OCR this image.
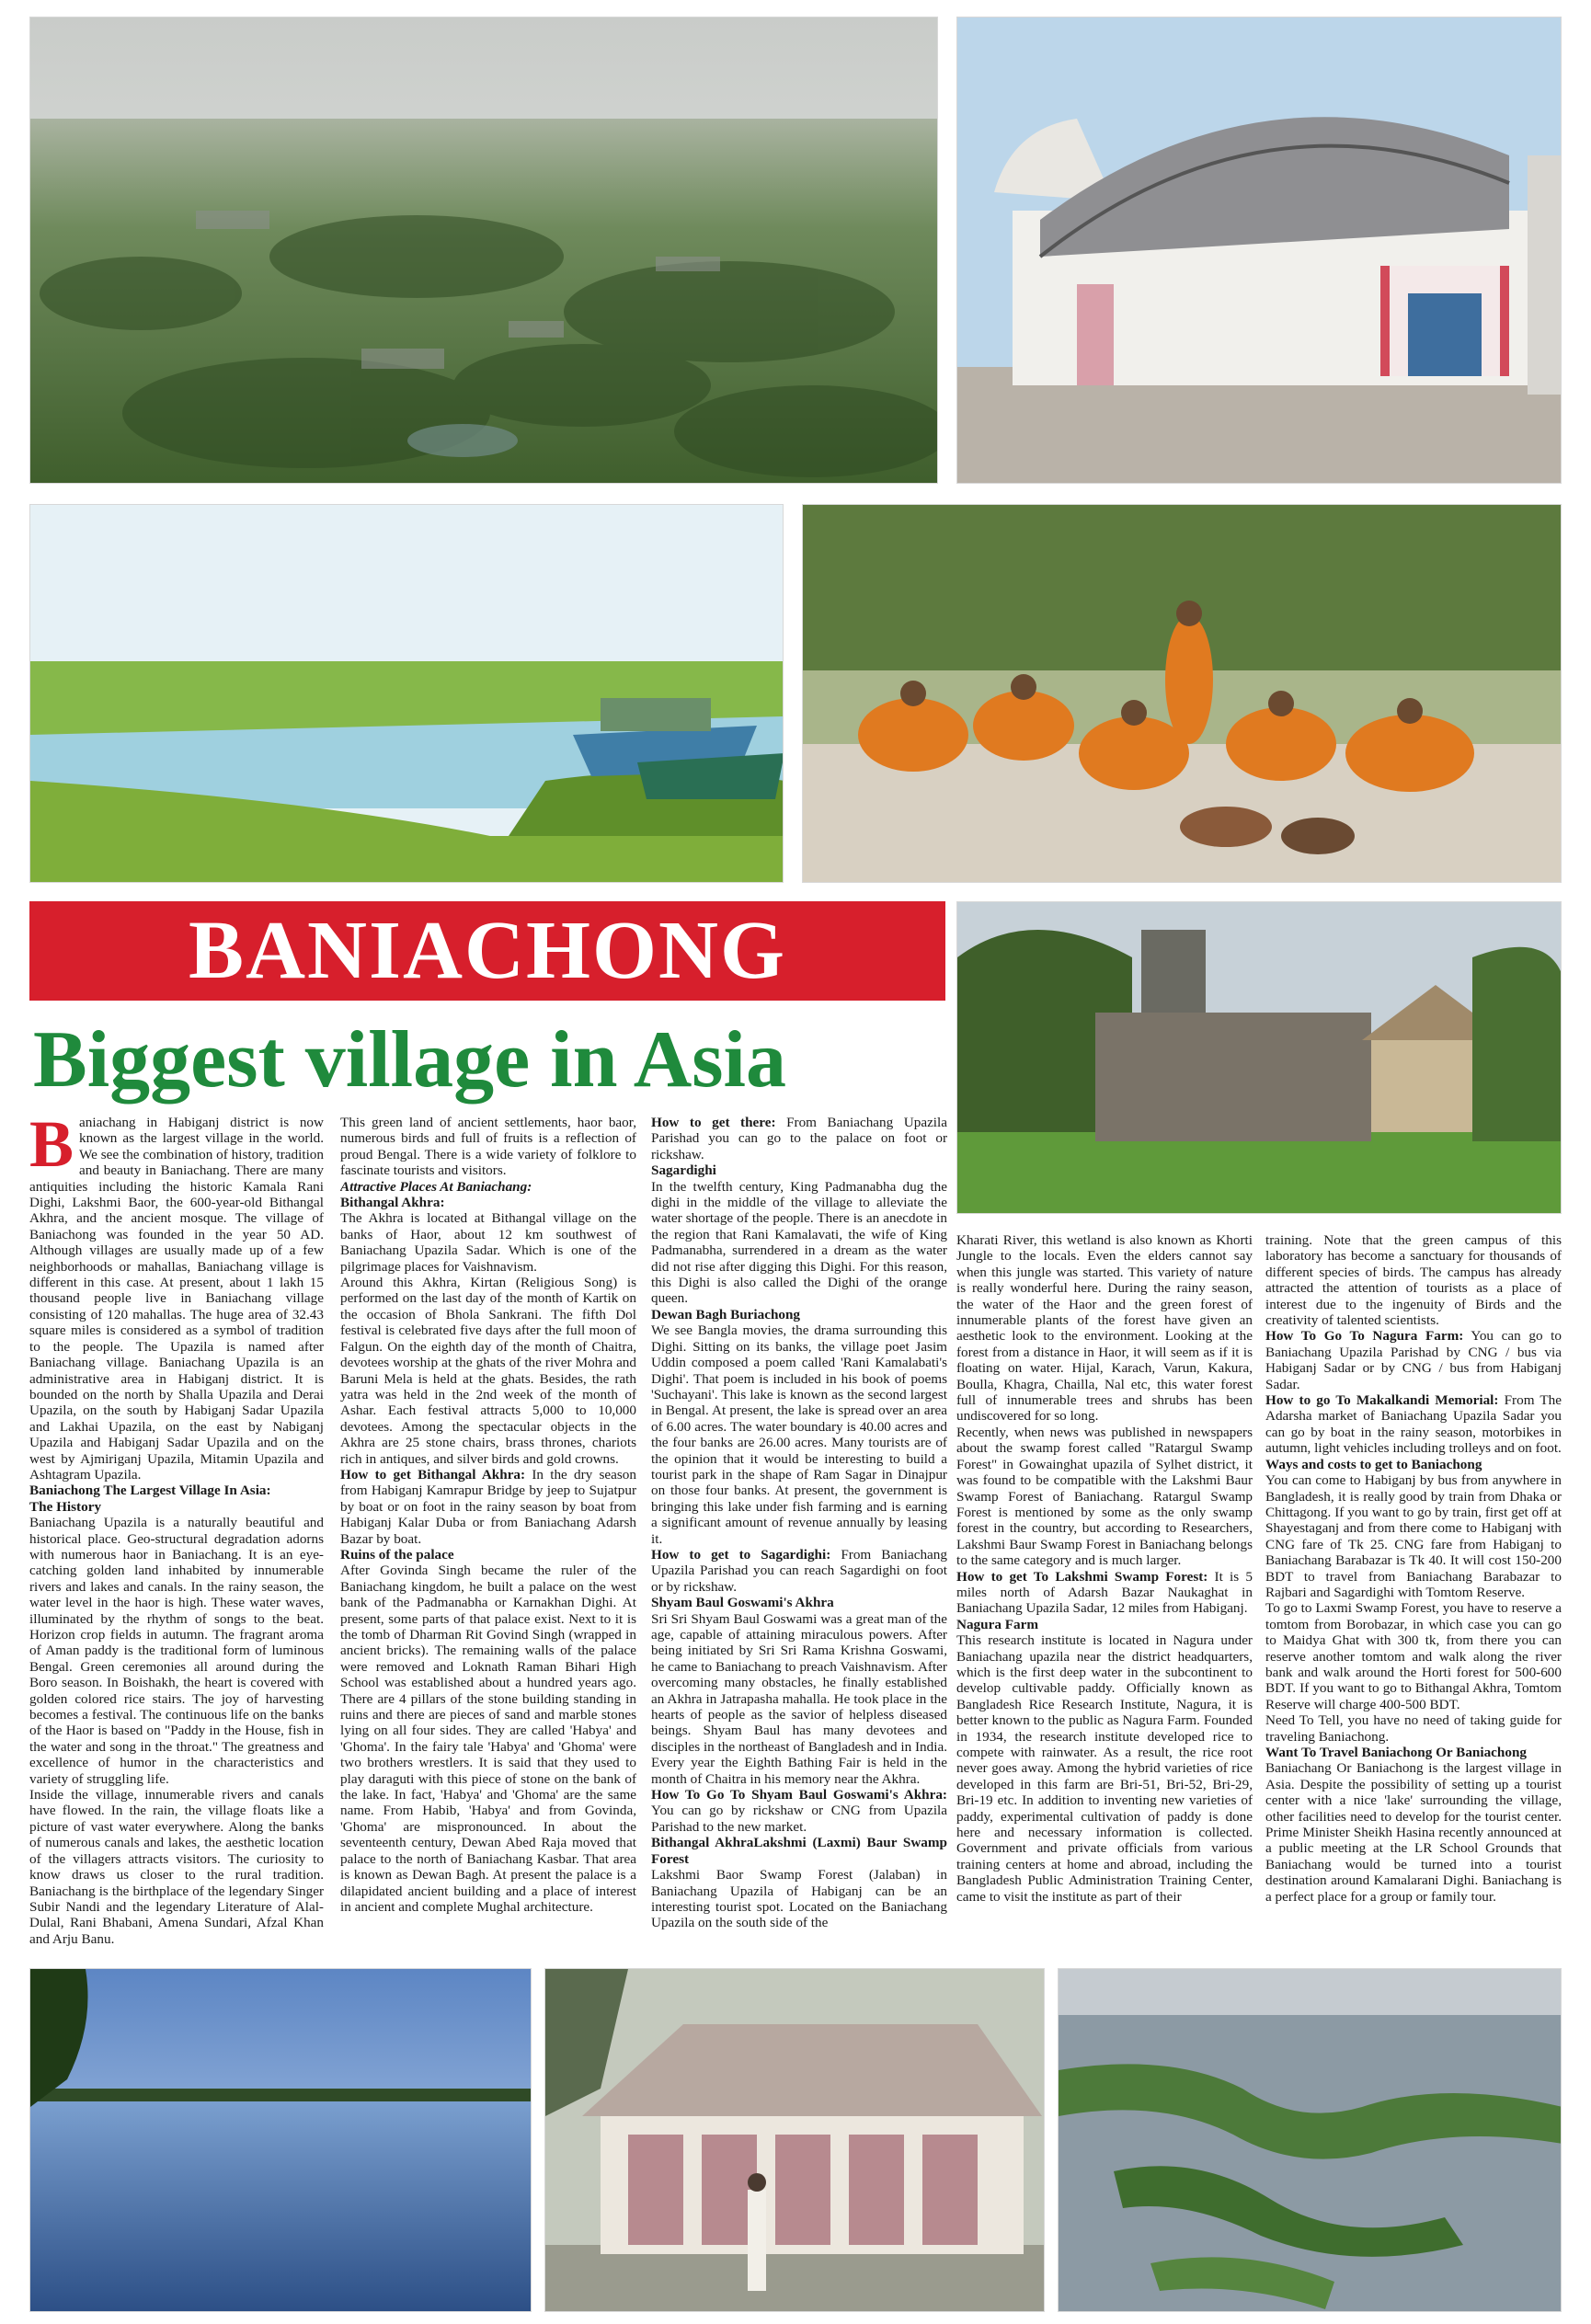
BANIACHONG
Biggest village in Asia

Baniachang in Habiganj district is now known as the largest village in the world. We see the combination of history, tradition and beauty in Baniachang. There are many antiquities including the historic Kamala Rani Dighi, Lakshmi Baor, the 600-year-old Bithangal Akhra, and the ancient mosque. The village of Baniachong was founded in the year 50 AD. Although villages are usually made up of a few neighborhoods or mahallas, Baniachang village is different in this case. At present, about 1 lakh 15 thousand people live in Baniachang village consisting of 120 mahallas. The huge area of 32.43 square miles is considered as a symbol of tradition to the people. The Upazila is named after Baniachang village. Baniachang Upazila is an administrative area in Habiganj district. It is bounded on the north by Shalla Upazila and Derai Upazila, on the south by Habiganj Sadar Upazila and Lakhai Upazila, on the east by Nabiganj Upazila and Habiganj Sadar Upazila and on the west by Ajmiriganj Upazila, Mitamin Upazila and Ashtagram Upazila.

Baniachong The Largest Village In Asia:
The History

Baniachang Upazila is a naturally beautiful and historical place. Geo-structural degradation adorns with numerous haor in Baniachang. It is an eye-catching golden land inhabited by innumerable rivers and lakes and canals. In the rainy season, the water level in the haor is high. These water waves, illuminated by the rhythm of songs to the beat. Horizon crop fields in autumn. The fragrant aroma of Aman paddy is the traditional form of luminous Bengal. Green ceremonies all around during the Boro season. In Boishakh, the heart is covered with golden colored rice stairs. The joy of harvesting becomes a festival. The continuous life on the banks of the Haor is based on "Paddy in the House, fish in the water and song in the throat." The greatness and excellence of humor in the characteristics and variety of struggling life.

Inside the village, innumerable rivers and canals have flowed. In the rain, the village floats like a picture of vast water everywhere. Along the banks of numerous canals and lakes, the aesthetic location of the villagers attracts visitors. The curiosity to know draws us closer to the rural tradition. Baniachang is the birthplace of the legendary Singer Subir Nandi and the legendary Literature of Alal-Dulal, Rani Bhabani, Amena Sundari, Afzal Khan and Arju Banu.

This green land of ancient settlements, haor baor, numerous birds and full of fruits is a reflection of proud Bengal. There is a wide variety of folklore to fascinate tourists and visitors.

Attractive Places At Baniachang:
Bithangal Akhra:

The Akhra is located at Bithangal village on the banks of Haor, about 12 km southwest of Baniachang Upazila Sadar. Which is one of the pilgrimage places for Vaishnavism.

Around this Akhra, Kirtan (Religious Song) is performed on the last day of the month of Kartik on the occasion of Bhola Sankrani. The fifth Dol festival is celebrated five days after the full moon of Falgun. On the eighth day of the month of Chaitra, devotees worship at the ghats of the river Mohra and Baruni Mela is held at the ghats. Besides, the rath yatra was held in the 2nd week of the month of Ashar. Each festival attracts 5,000 to 10,000 devotees. Among the spectacular objects in the Akhra are 25 stone chairs, brass thrones, chariots rich in antiques, and silver birds and gold crowns.

How to get Bithangal Akhra: In the dry season from Habiganj Kamrapur Bridge by jeep to Sujatpur by boat or on foot in the rainy season by boat from Habiganj Kalar Duba or from Baniachang Adarsh Bazar by boat.

Ruins of the palace

After Govinda Singh became the ruler of the Baniachang kingdom, he built a palace on the west bank of the Padmanabha or Karnakhan Dighi. At present, some parts of that palace exist. Next to it is the tomb of Dharman Rit Govind Singh (wrapped in ancient bricks). The remaining walls of the palace were removed and Loknath Raman Bihari High School was established about a hundred years ago. There are 4 pillars of the stone building standing in ruins and there are pieces of sand and marble stones lying on all four sides. They are called 'Habya' and 'Ghoma'. In the fairy tale 'Habya' and 'Ghoma' were two brothers wrestlers. It is said that they used to play daraguti with this piece of stone on the bank of the lake. In fact, 'Habya' and 'Ghoma' are the same name. From Habib, 'Habya' and from Govinda, 'Ghoma' are mispronounced. In about the seventeenth century, Dewan Abed Raja moved that palace to the north of Baniachang Kasbar. That area is known as Dewan Bagh. At present the palace is a dilapidated ancient building and a place of interest in ancient and complete Mughal architecture.

How to get there: From Baniachang Upazila Parishad you can go to the palace on foot or rickshaw.

Sagardighi

In the twelfth century, King Padmanabha dug the dighi in the middle of the village to alleviate the water shortage of the people. There is an anecdote in the region that Rani Kamalavati, the wife of King Padmanabha, surrendered in a dream as the water did not rise after digging this Dighi. For this reason, this Dighi is also called the Dighi of the orange queen.

Dewan Bagh Buriachong

We see Bangla movies, the drama surrounding this Dighi. Sitting on its banks, the village poet Jasim Uddin composed a poem called 'Rani Kamalabati's Dighi'. That poem is included in his book of poems 'Suchayani'. This lake is known as the second largest in Bengal. At present, the lake is spread over an area of 6.00 acres. The water boundary is 40.00 acres and the four banks are 26.00 acres. Many tourists are of the opinion that it would be interesting to build a tourist park in the shape of Ram Sagar in Dinajpur on those four banks. At present, the government is bringing this lake under fish farming and is earning a significant amount of revenue annually by leasing it.

How to get to Sagardighi: From Baniachang Upazila Parishad you can reach Sagardighi on foot or by rickshaw.

Shyam Baul Goswami's Akhra

Sri Sri Shyam Baul Goswami was a great man of the age, capable of attaining miraculous powers. After being initiated by Sri Sri Rama Krishna Goswami, he came to Baniachang to preach Vaishnavism. After overcoming many obstacles, he finally established an Akhra in Jatrapasha mahalla. He took place in the hearts of people as the savior of helpless diseased beings. Shyam Baul has many devotees and disciples in the northeast of Bangladesh and in India. Every year the Eighth Bathing Fair is held in the month of Chaitra in his memory near the Akhra.

How To Go To Shyam Baul Goswami's Akhra: You can go by rickshaw or CNG from Upazila Parishad to the new market.

Bithangal AkhraLakshmi (Laxmi) Baur Swamp Forest

Lakshmi Baor Swamp Forest (Jalaban) in Baniachang Upazila of Habiganj can be an interesting tourist spot. Located on the Baniachang Upazila on the south side of the

Kharati River, this wetland is also known as Khorti Jungle to the locals. Even the elders cannot say when this jungle was started. This variety of nature is really wonderful here. During the rainy season, the water of the Haor and the green forest of innumerable plants of the forest have given an aesthetic look to the environment. Looking at the forest from a distance in Haor, it will seem as if it is floating on water. Hijal, Karach, Varun, Kakura, Boulla, Khagra, Chailla, Nal etc, this water forest full of innumerable trees and shrubs has been undiscovered for so long.

Recently, when news was published in newspapers about the swamp forest called "Ratargul Swamp Forest" in Gowainghat upazila of Sylhet district, it was found to be compatible with the Lakshmi Baur Swamp Forest of Baniachang. Ratargul Swamp Forest is mentioned by some as the only swamp forest in the country, but according to Researchers, Lakshmi Baur Swamp Forest in Baniachang belongs to the same category and is much larger.

How to get To Lakshmi Swamp Forest: It is 5 miles north of Adarsh Bazar Naukaghat in Baniachang Upazila Sadar, 12 miles from Habiganj.

Nagura Farm

This research institute is located in Nagura under Baniachang upazila near the district headquarters, which is the first deep water in the subcontinent to develop cultivable paddy. Officially known as Bangladesh Rice Research Institute, Nagura, it is better known to the public as Nagura Farm. Founded in 1934, the research institute developed rice to compete with rainwater. As a result, the rice root never goes away. Among the hybrid varieties of rice developed in this farm are Bri-51, Bri-52, Bri-29, Bri-19 etc. In addition to inventing new varieties of paddy, experimental cultivation of paddy is done here and necessary information is collected. Government and private officials from various training centers at home and abroad, including the Bangladesh Public Administration Training Center, came to visit the institute as part of their

training. Note that the green campus of this laboratory has become a sanctuary for thousands of different species of birds. The campus has already attracted the attention of tourists as a place of interest due to the ingenuity of Birds and the creativity of talented scientists.

How To Go To Nagura Farm: You can go to Baniachang Upazila Parishad by CNG / bus via Habiganj Sadar or by CNG / bus from Habiganj Sadar.

How to go To Makalkandi Memorial: From The Adarsha market of Baniachang Upazila Sadar you can go by boat in the rainy season, motorbikes in autumn, light vehicles including trolleys and on foot.

Ways and costs to get to Baniachong

You can come to Habiganj by bus from anywhere in Bangladesh, it is really good by train from Dhaka or Chittagong. If you want to go by train, first get off at Shayestaganj and from there come to Habiganj with CNG fare of Tk 25. CNG fare from Habiganj to Baniachang Barabazar is Tk 40. It will cost 150-200 BDT to travel from Baniachang Barabazar to Rajbari and Sagardighi with Tomtom Reserve.

To go to Laxmi Swamp Forest, you have to reserve a tomtom from Borobazar, in which case you can go to Maidya Ghat with 300 tk, from there you can reserve another tomtom and walk along the river bank and walk around the Horti forest for 500-600 BDT. If you want to go to Bithangal Akhra, Tomtom Reserve will charge 400-500 BDT.

Need To Tell, you have no need of taking guide for traveling Baniachong.

Want To Travel Baniachong Or Baniachong

Baniachang Or Baniachong is the largest village in Asia. Despite the possibility of setting up a tourist center with a nice 'lake' surrounding the village, other facilities need to develop for the tourist center. Prime Minister Sheikh Hasina recently announced at a public meeting at the LR School Grounds that Baniachang would be turned into a tourist destination around Kamalarani Dighi. Baniachang is a perfect place for a group or family tour.
